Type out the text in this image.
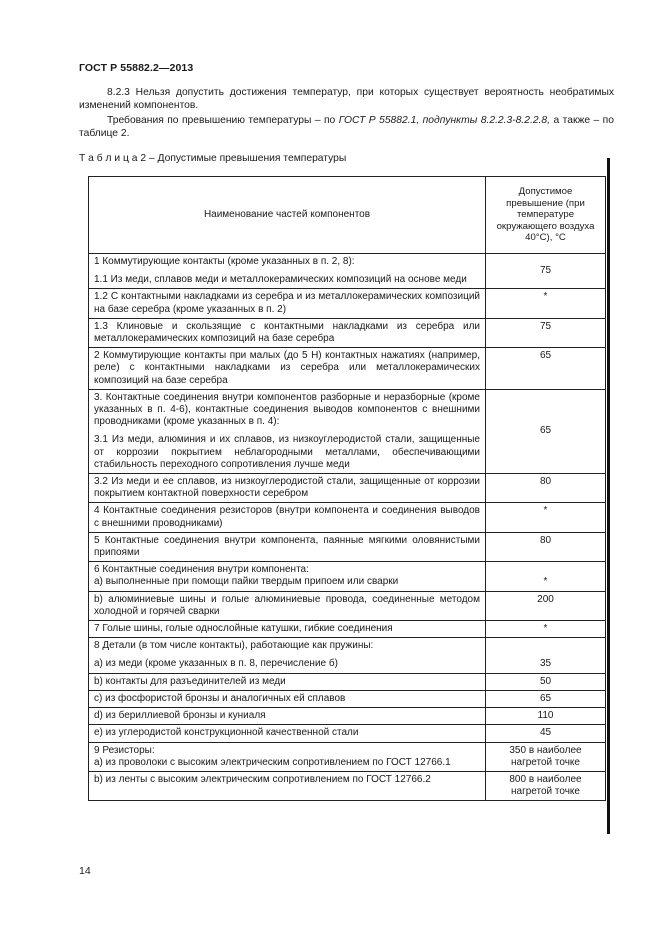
ГОСТ Р 55882.2—2013
8.2.3 Нельзя допустить достижения температур, при которых существует вероятность необратимых изменений компонентов.
Требования по превышению температуры – по ГОСТ Р 55882.1, подпункты 8.2.2.3-8.2.2.8, а также – по таблице 2.
Т а б л и ц а 2 – Допустимые превышения температуры
Наименование частей компонентов	Допустимое превышение (при температуре окружающего воздуха 40°С), °С

1 Коммутирующие контакты (кроме указанных в п. 2, 8):
1.1 Из меди, сплавов меди и металлокерамических композиций на основе меди	75
1.2 С контактными накладками из серебра и из металлокерамических композиций на базе серебра (кроме указанных в п. 2)	*
1.3 Клиновые и скользящие с контактными накладками из серебра или металлокерамических композиций на базе серебра	75
2 Коммутирующие контакты при малых (до 5 Н) контактных нажатиях (например, реле) с контактными накладками из серебра или металлокерамических композиций на базе серебра	65

3. Контактные соединения внутри компонентов разборные и неразборные (кроме указанных в п. 4-6), контактные соединения выводов компонентов с внешними проводниками (кроме указанных в п. 4):
3.1 Из меди, алюминия и их сплавов, из низкоуглеродистой стали, защищенные от коррозии покрытием неблагородными металлами, обеспечивающими стабильность переходного сопротивления лучше меди	65
3.2 Из меди и ее сплавов, из низкоуглеродистой стали, защищенные от коррозии покрытием контактной поверхности серебром	80
4 Контактные соединения резисторов (внутри компонента и соединения выводов с внешними проводниками)	*
5 Контактные соединения внутри компонента, паянные мягкими оловянистыми припоями	80

6 Контактные соединения внутри компонента:
а) выполненные при помощи пайки твердым припоем или сварки	*
b) алюминиевые шины и голые алюминиевые провода, соединенные методом холодной и горячей сварки	200
7 Голые шины, голые однослойные катушки, гибкие соединения	*

8 Детали (в том числе контакты), работающие как пружины:
а) из меди (кроме указанных в п. 8, перечисление б)	35
b) контакты для разъединителей из меди	50
с) из фосфористой бронзы и аналогичных ей сплавов	65
d) из бериллиевой бронзы и куниаля	110
е) из углеродистой конструкционной качественной стали	45

9 Резисторы:
а) из проволоки с высоким электрическим сопротивлением по ГОСТ 12766.1	350 в наиболее нагретой точке
b) из ленты с высоким электрическим сопротивлением по ГОСТ 12766.2	800 в наиболее нагретой точке
14
